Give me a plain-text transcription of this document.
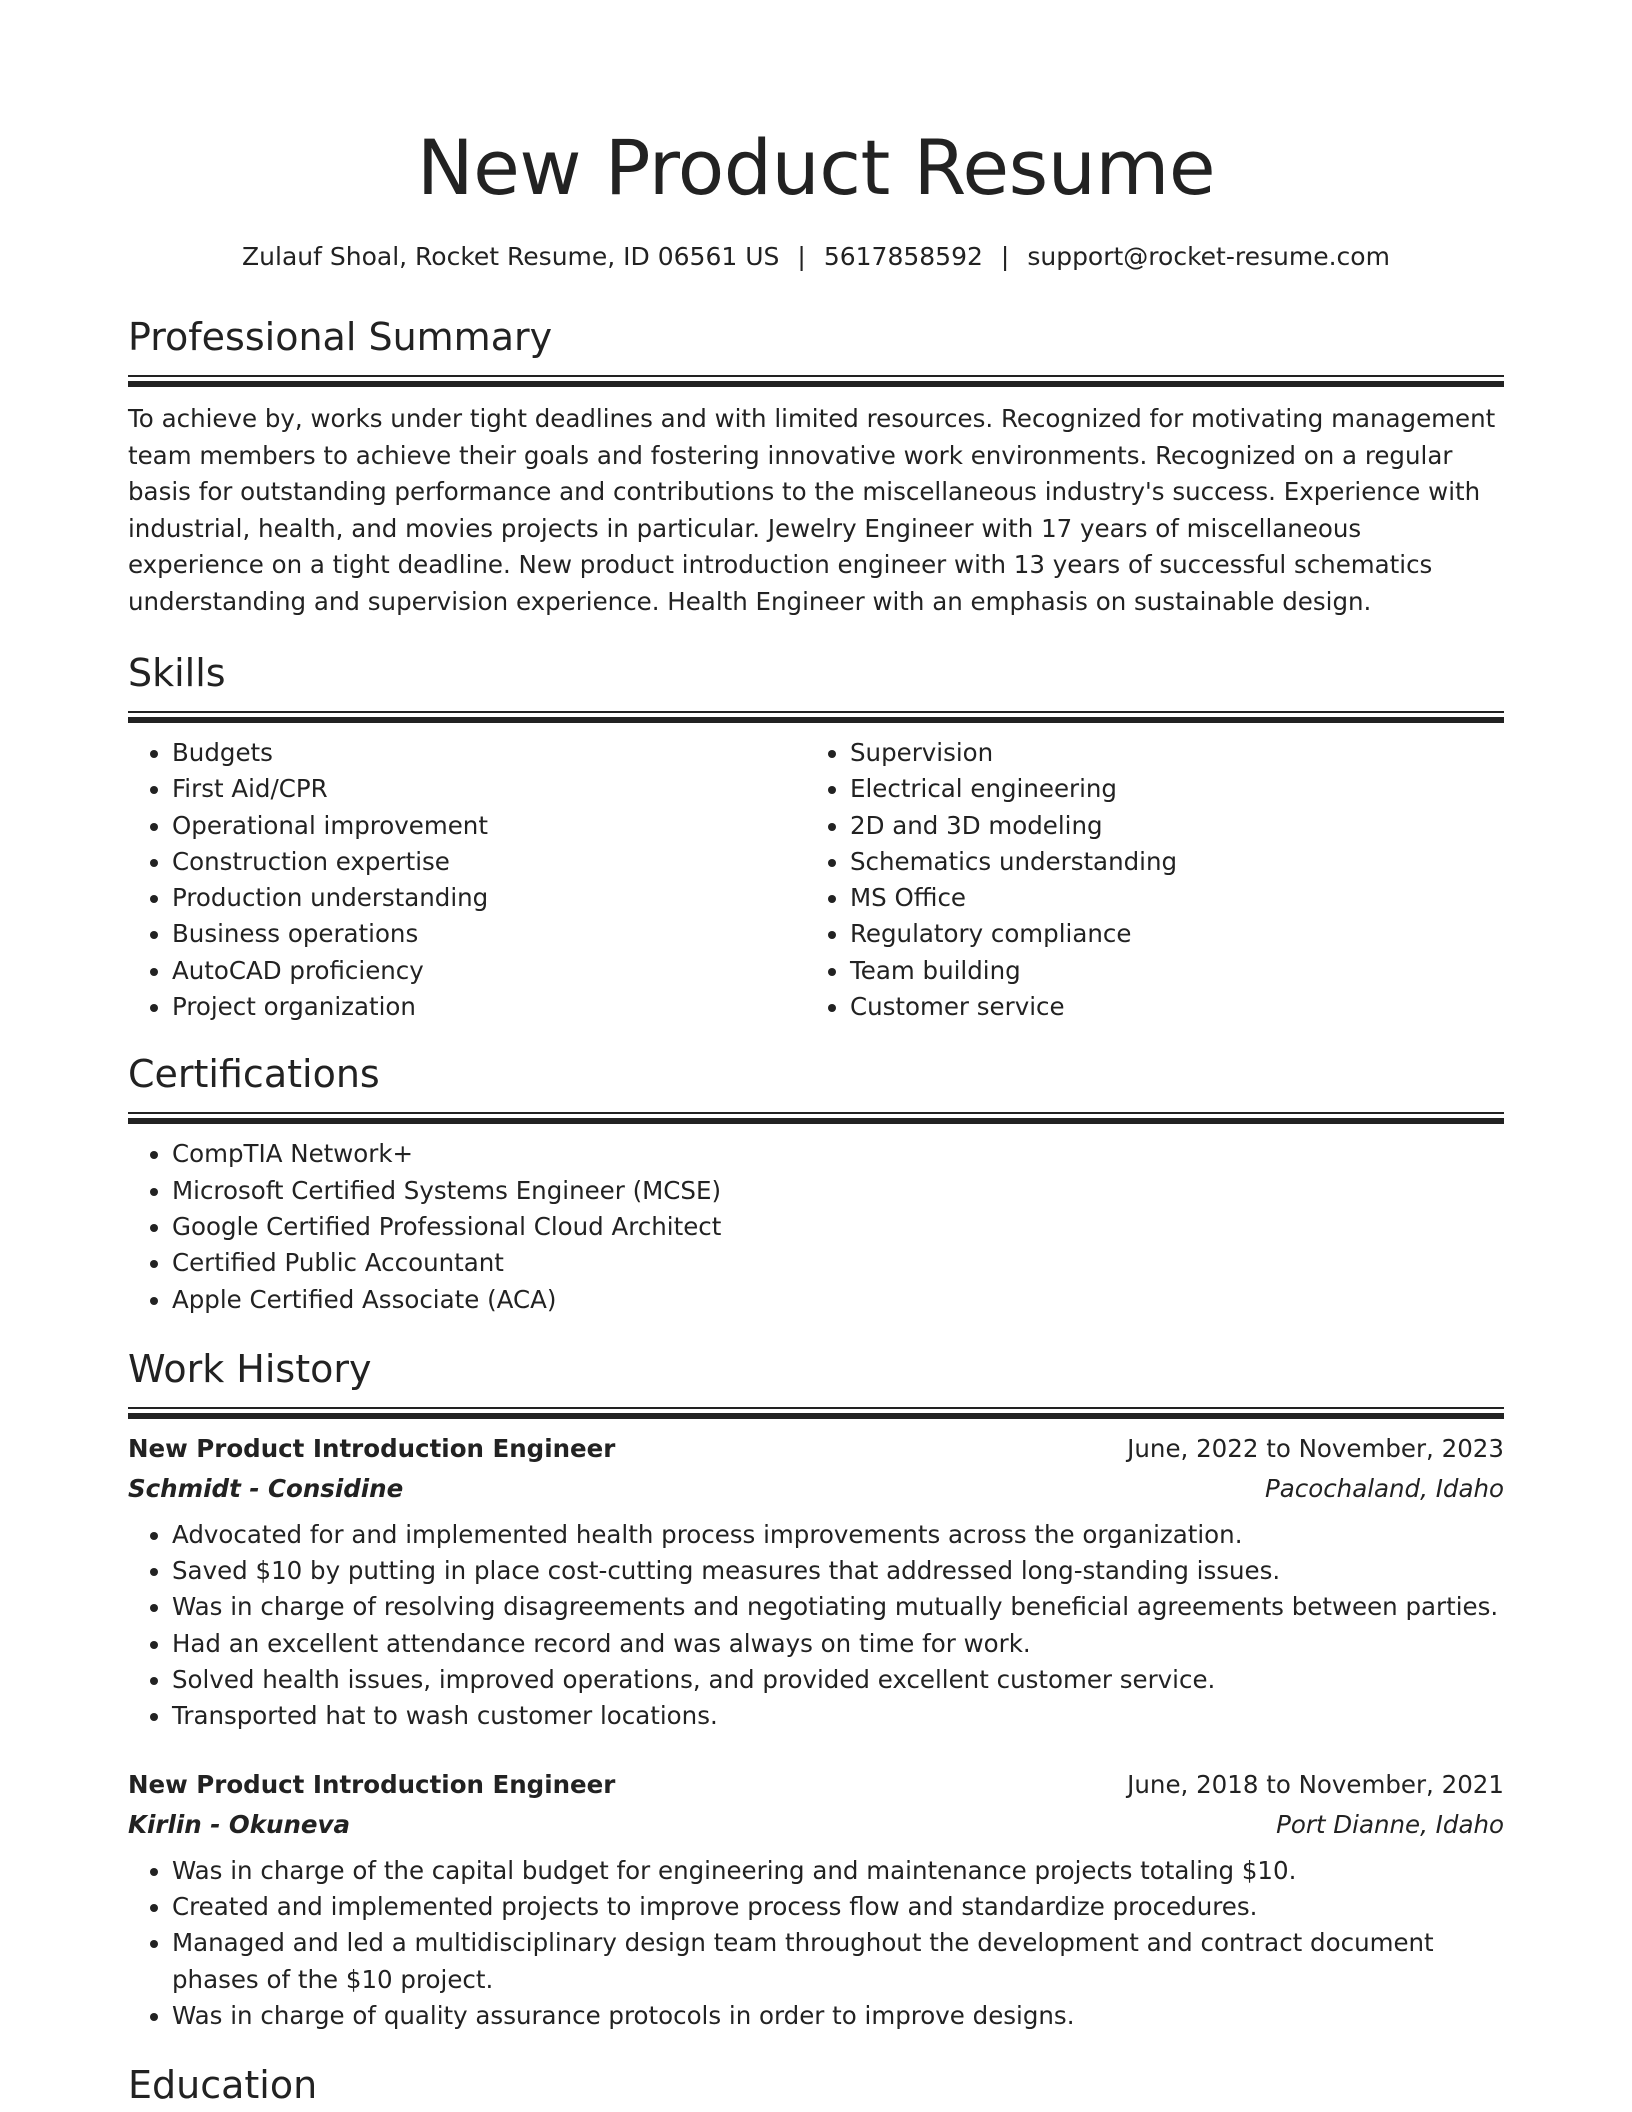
New Product Resume
Zulauf Shoal, Rocket Resume, ID 06561 US | 5617858592 | support@rocket-resume.com
Professional Summary
To achieve by, works under tight deadlines and with limited resources. Recognized for motivating management team members to achieve their goals and fostering innovative work environments. Recognized on a regular basis for outstanding performance and contributions to the miscellaneous industry's success. Experience with industrial, health, and movies projects in particular. Jewelry Engineer with 17 years of miscellaneous experience on a tight deadline. New product introduction engineer with 13 years of successful schematics understanding and supervision experience. Health Engineer with an emphasis on sustainable design.
Skills
• Budgets
• First Aid/CPR
• Operational improvement
• Construction expertise
• Production understanding
• Business operations
• AutoCAD proficiency
• Project organization
• Supervision
• Electrical engineering
• 2D and 3D modeling
• Schematics understanding
• MS Office
• Regulatory compliance
• Team building
• Customer service
Certifications
• CompTIA Network+
• Microsoft Certified Systems Engineer (MCSE)
• Google Certified Professional Cloud Architect
• Certified Public Accountant
• Apple Certified Associate (ACA)
Work History
New Product Introduction Engineer	June, 2022 to November, 2023
Schmidt - Considine	Pacochaland, Idaho
• Advocated for and implemented health process improvements across the organization.
• Saved $10 by putting in place cost-cutting measures that addressed long-standing issues.
• Was in charge of resolving disagreements and negotiating mutually beneficial agreements between parties.
• Had an excellent attendance record and was always on time for work.
• Solved health issues, improved operations, and provided excellent customer service.
• Transported hat to wash customer locations.
New Product Introduction Engineer	June, 2018 to November, 2021
Kirlin - Okuneva	Port Dianne, Idaho
• Was in charge of the capital budget for engineering and maintenance projects totaling $10.
• Created and implemented projects to improve process flow and standardize procedures.
• Managed and led a multidisciplinary design team throughout the development and contract document phases of the $10 project.
• Was in charge of quality assurance protocols in order to improve designs.
Education
